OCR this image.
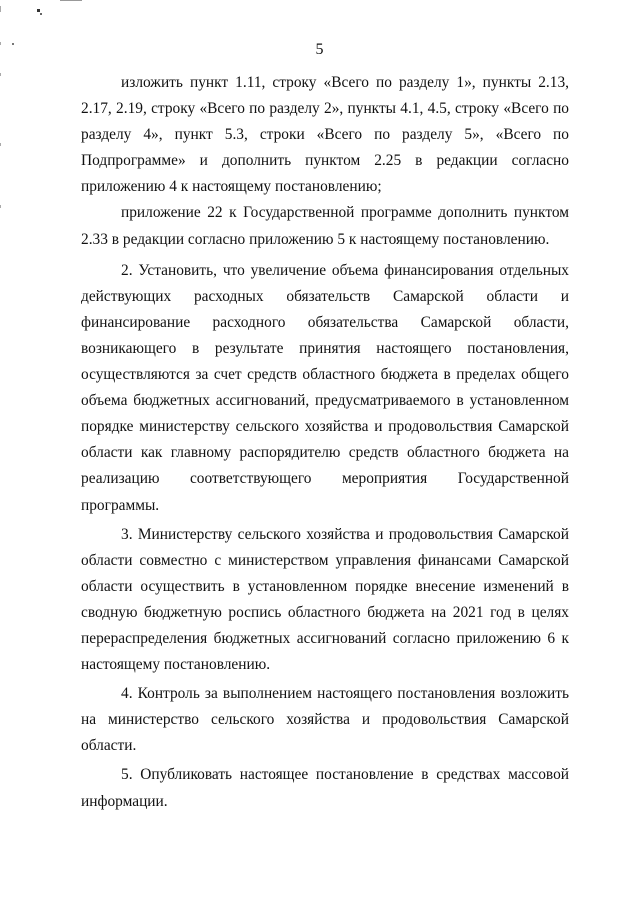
5

изложить пункт 1.11, строку «Всего по разделу 1», пункты 2.13, 2.17, 2.19, строку «Всего по разделу 2», пункты 4.1, 4.5, строку «Всего по разделу 4», пункт 5.3, строки «Всего по разделу 5», «Всего по Подпрограмме» и дополнить пунктом 2.25 в редакции согласно приложению 4 к настоящему постановлению;

приложение 22 к Государственной программе дополнить пунктом 2.33 в редакции согласно приложению 5 к настоящему постановлению.

2. Установить, что увеличение объема финансирования отдельных действующих расходных обязательств Самарской области и финансирование расходного обязательства Самарской области, возникающего в результате принятия настоящего постановления, осуществляются за счет средств областного бюджета в пределах общего объема бюджетных ассигнований, предусматриваемого в установленном порядке министерству сельского хозяйства и продовольствия Самарской области как главному распорядителю средств областного бюджета на реализацию соответствующего мероприятия Государственной программы.

3. Министерству сельского хозяйства и продовольствия Самарской области совместно с министерством управления финансами Самарской области осуществить в установленном порядке внесение изменений в сводную бюджетную роспись областного бюджета на 2021 год в целях перераспределения бюджетных ассигнований согласно приложению 6 к настоящему постановлению.

4. Контроль за выполнением настоящего постановления возложить на министерство сельского хозяйства и продовольствия Самарской области.

5. Опубликовать настоящее постановление в средствах массовой информации.
